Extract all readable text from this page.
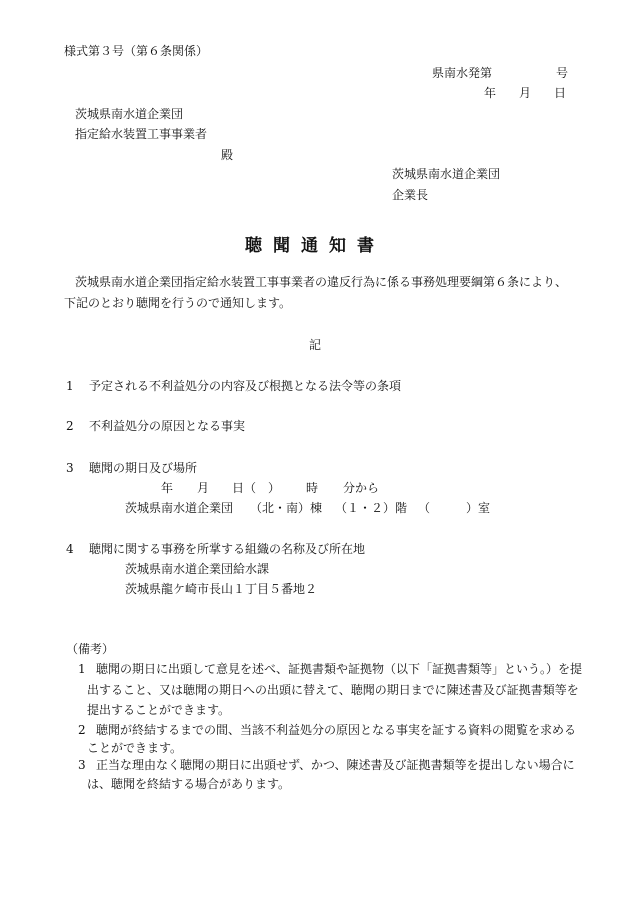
様式第３号（第６条関係）
県南水発第	号
年 月 日
茨城県南水道企業団
指定給水装置工事事業者
殿
茨城県南水道企業団
企業長
聴聞通知書
茨城県南水道企業団指定給水装置工事事業者の違反行為に係る事務処理要綱第６条により、
下記のとおり聴聞を行うので通知します。
記
1 予定される不利益処分の内容及び根拠となる法令等の条項
2 不利益処分の原因となる事実
3 聴聞の期日及び場所
年 月 日（　） 時 分から
茨城県南水道企業団 （北・南）棟 （１・２）階 （　　　）室
4 聴聞に関する事務を所掌する組織の名称及び所在地
茨城県南水道企業団給水課
茨城県龍ケ崎市長山１丁目５番地２
（備考）
1 聴聞の期日に出頭して意見を述べ、証拠書類や証拠物（以下「証拠書類等」という。）を提
出すること、又は聴聞の期日への出頭に替えて、聴聞の期日までに陳述書及び証拠書類等を
提出することができます。
2 聴聞が終結するまでの間、当該不利益処分の原因となる事実を証する資料の閲覧を求める
ことができます。
3 正当な理由なく聴聞の期日に出頭せず、かつ、陳述書及び証拠書類等を提出しない場合に
は、聴聞を終結する場合があります。
